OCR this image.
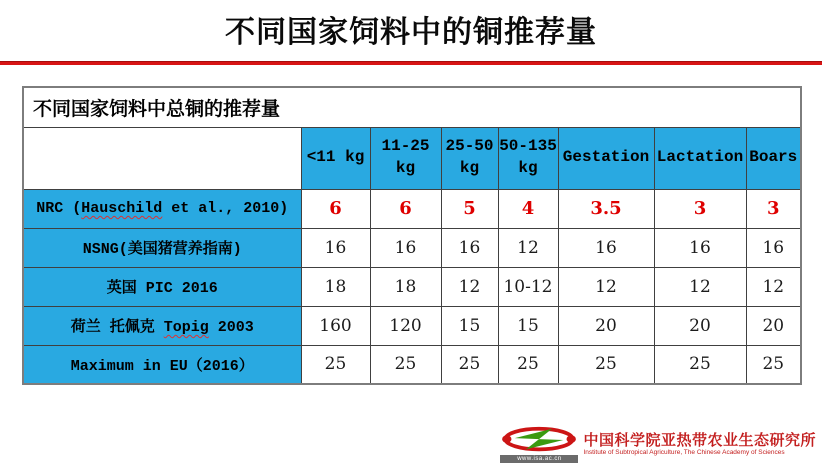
不同国家饲料中的铜推荐量
不同国家饲料中总铜的推荐量							
	<11 kg	11-25 kg	25-50 kg	50-135 kg	Gestation	Lactation	Boars
NRC (Hauschild et al., 2010)	6	6	5	4	3.5	3	3
NSNG(美国猪营养指南)	16	16	16	12	16	16	16
英国 PIC 2016	18	18	12	10-12	12	12	12
荷兰 托佩克 Topig 2003	160	120	15	15	20	20	20
Maximum in EU（2016）	25	25	25	25	25	25	25
www.isa.ac.cn
中国科学院亚热带农业生态研究所
Institute of Subtropical Agriculture, The Chinese Academy of Sciences
